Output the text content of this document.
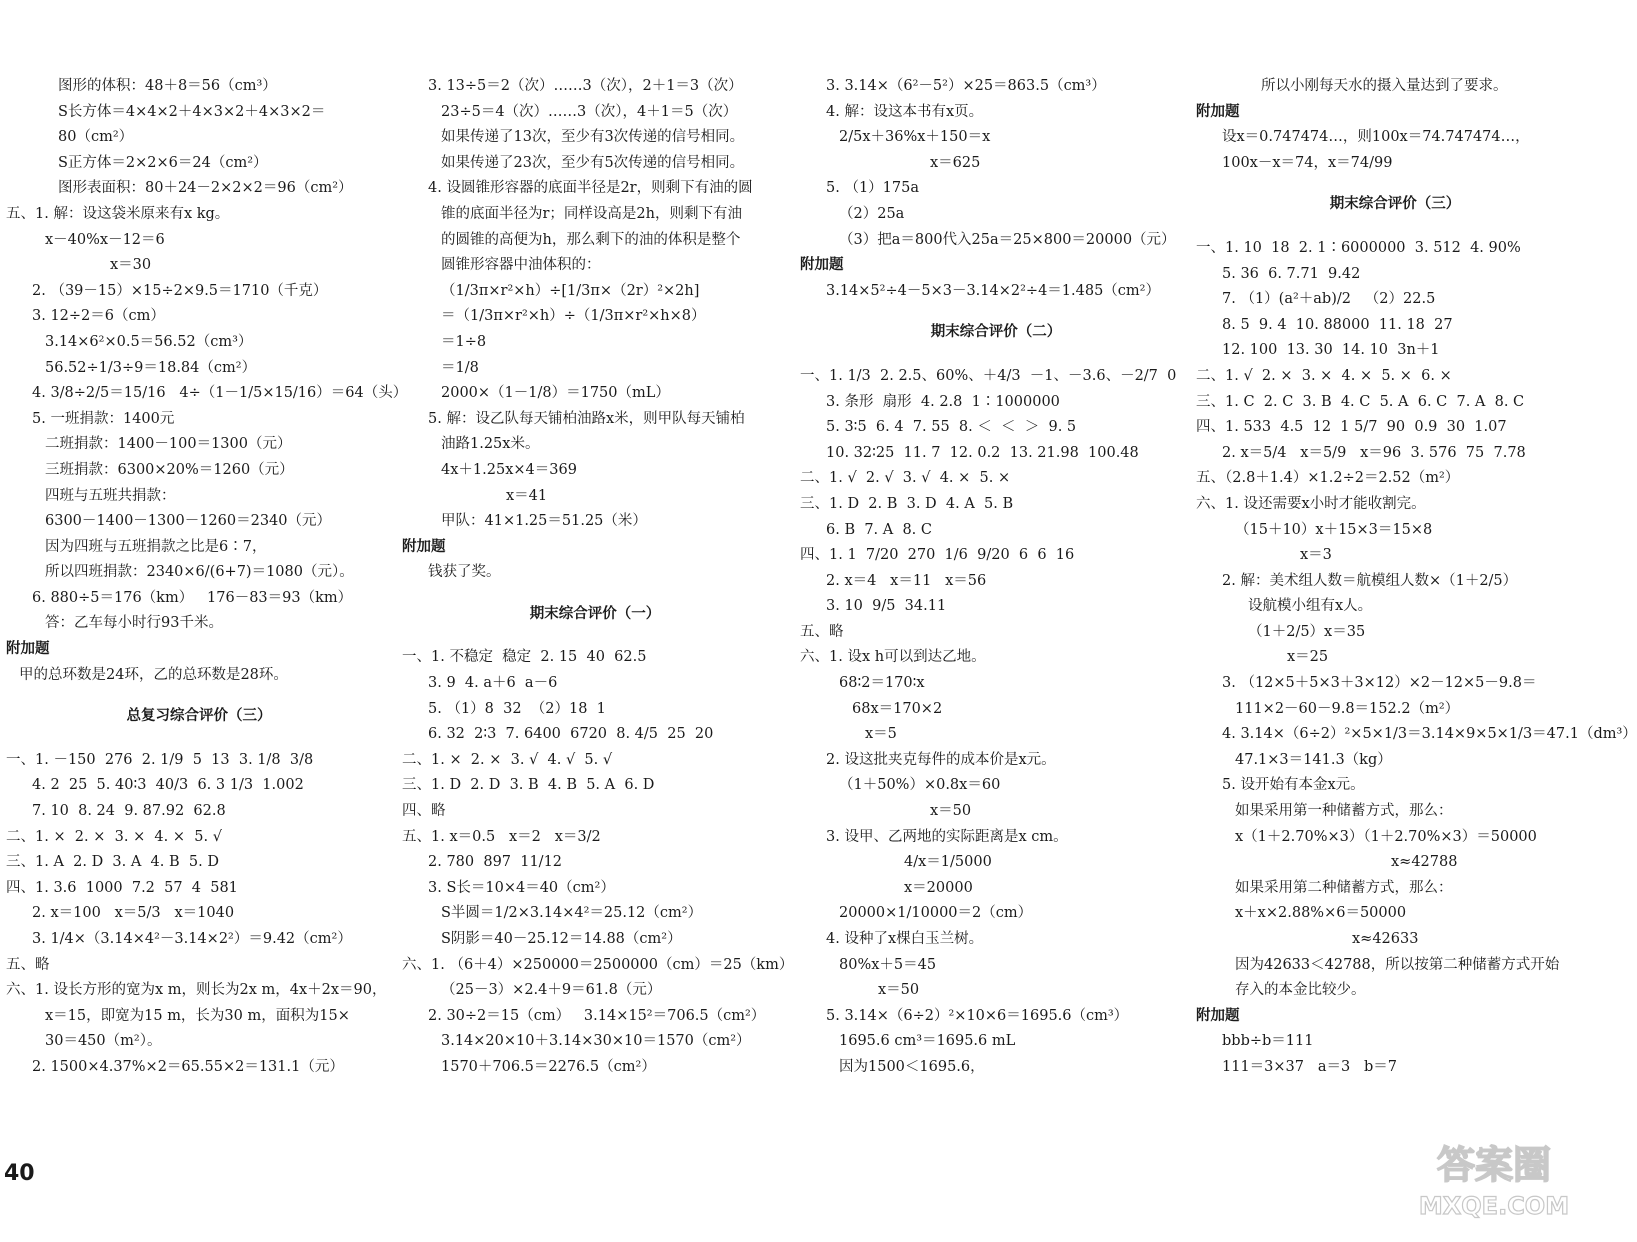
图形的体积：48＋8＝56（cm³）
S长方体＝4×4×2＋4×3×2＋4×3×2＝
80（cm²）
S正方体＝2×2×6＝24（cm²）
图形表面积：80＋24－2×2×2＝96（cm²）
五、1. 解：设这袋米原来有x kg。
x－40%x－12＝6
x＝30
2. （39－15）×15÷2×9.5＝1710（千克）
3. 12÷2＝6（cm）
3.14×6²×0.5＝56.52（cm³）
56.52÷1/3÷9＝18.84（cm²）
4. 3/8÷2/5＝15/16   4÷（1－1/5×15/16）＝64（头）
5. 一班捐款：1400元
二班捐款：1400－100＝1300（元）
三班捐款：6300×20%＝1260（元）
四班与五班共捐款：
6300－1400－1300－1260＝2340（元）
因为四班与五班捐款之比是6∶7，
所以四班捐款：2340×6/(6+7)＝1080（元）。
6. 880÷5＝176（km）   176－83＝93（km）
答：乙车每小时行93千米。
附加题
甲的总环数是24环，乙的总环数是28环。
总复习综合评价（三）
一、1. －150  276  2. 1/9  5  13  3. 1/8  3/8
4. 2  25  5. 40∶3  40/3  6. 3 1/3  1.002
7. 10  8. 24  9. 87.92  62.8
二、1. ×  2. ×  3. ×  4. ×  5. √
三、1. A  2. D  3. A  4. B  5. D
四、1. 3.6  1000  7.2  57  4  581
2. x＝100   x＝5/3   x＝1040
3. 1/4×（3.14×4²－3.14×2²）＝9.42（cm²）
五、略
六、1. 设长方形的宽为x m，则长为2x m，4x＋2x＝90，
x＝15，即宽为15 m，长为30 m，面积为15×
30＝450（m²）。
2. 1500×4.37%×2＝65.55×2＝131.1（元）
3. 13÷5＝2（次）……3（次），2＋1＝3（次）
23÷5＝4（次）……3（次），4＋1＝5（次）
如果传递了13次，至少有3次传递的信号相同。
如果传递了23次，至少有5次传递的信号相同。
4. 设圆锥形容器的底面半径是2r，则剩下有油的圆
锥的底面半径为r；同样设高是2h，则剩下有油
的圆锥的高便为h，那么剩下的油的体积是整个
圆锥形容器中油体积的：
（1/3π×r²×h）÷[1/3π×（2r）²×2h]
＝（1/3π×r²×h）÷（1/3π×r²×h×8）
＝1÷8
＝1/8
2000×（1－1/8）＝1750（mL）
5. 解：设乙队每天铺柏油路x米，则甲队每天铺柏
油路1.25x米。
4x＋1.25x×4＝369
x＝41
甲队：41×1.25＝51.25（米）
附加题
钱获了奖。
期末综合评价（一）
一、1. 不稳定  稳定  2. 15  40  62.5
3. 9  4. a＋6  a－6
5. （1）8  32  （2）18  1
6. 32  2∶3  7. 6400  6720  8. 4/5  25  20
二、1. ×  2. ×  3. √  4. √  5. √
三、1. D  2. D  3. B  4. B  5. A  6. D
四、略
五、1. x＝0.5   x＝2   x＝3/2
2. 780  897  11/12
3. S长＝10×4＝40（cm²）
S半圆＝1/2×3.14×4²＝25.12（cm²）
S阴影＝40－25.12＝14.88（cm²）
六、1. （6＋4）×250000＝2500000（cm）＝25（km）
（25－3）×2.4＋9＝61.8（元）
2. 30÷2＝15（cm）   3.14×15²＝706.5（cm²）
3.14×20×10＋3.14×30×10＝1570（cm²）
1570＋706.5＝2276.5（cm²）
3. 3.14×（6²－5²）×25＝863.5（cm³）
4. 解：设这本书有x页。
2/5x＋36%x＋150＝x
x＝625
5. （1）175a
（2）25a
（3）把a＝800代入25a＝25×800＝20000（元）
附加题
3.14×5²÷4－5×3－3.14×2²÷4＝1.485（cm²）
期末综合评价（二）
一、1. 1/3  2. 2.5、60%、＋4/3  －1、－3.6、－2/7  0
3. 条形  扇形  4. 2.8  1∶1000000
5. 3∶5  6. 4  7. 55  8. ＜  ＜  ＞  9. 5
10. 32∶25  11. 7  12. 0.2  13. 21.98  100.48
二、1. √  2. √  3. √  4. ×  5. ×
三、1. D  2. B  3. D  4. A  5. B
6. B  7. A  8. C
四、1. 1  7/20  270  1/6  9/20  6  6  16
2. x＝4   x＝11   x＝56
3. 10  9/5  34.11
五、略
六、1. 设x h可以到达乙地。
68∶2＝170∶x
68x＝170×2
x＝5
2. 设这批夹克每件的成本价是x元。
（1＋50%）×0.8x＝60
x＝50
3. 设甲、乙两地的实际距离是x cm。
4/x＝1/5000
x＝20000
20000×1/10000＝2（cm）
4. 设种了x棵白玉兰树。
80%x＋5＝45
x＝50
5. 3.14×（6÷2）²×10×6＝1695.6（cm³）
1695.6 cm³＝1695.6 mL
因为1500＜1695.6，
所以小刚每天水的摄入量达到了要求。
附加题
设x＝0.747474…，则100x＝74.747474…，
100x－x＝74，x＝74/99
期末综合评价（三）
一、1. 10  18  2. 1∶6000000  3. 512  4. 90%
5. 36  6. 7.71  9.42
7. （1）(a²＋ab)/2   （2）22.5
8. 5  9. 4  10. 88000  11. 18  27
12. 100  13. 30  14. 10  3n＋1
二、1. √  2. ×  3. ×  4. ×  5. ×  6. ×
三、1. C  2. C  3. B  4. C  5. A  6. C  7. A  8. C
四、1. 533  4.5  12  1 5/7  90  0.9  30  1.07
2. x＝5/4   x＝5/9   x＝96  3. 576  75  7.78
五、（2.8＋1.4）×1.2÷2＝2.52（m²）
六、1. 设还需要x小时才能收割完。
（15＋10）x＋15×3＝15×8
x＝3
2. 解：美术组人数＝航模组人数×（1＋2/5）
设航模小组有x人。
（1＋2/5）x＝35
x＝25
3. （12×5＋5×3＋3×12）×2－12×5－9.8＝
111×2－60－9.8＝152.2（m²）
4. 3.14×（6÷2）²×5×1/3＝3.14×9×5×1/3＝47.1（dm³）
47.1×3＝141.3（kg）
5. 设开始有本金x元。
如果采用第一种储蓄方式，那么：
x（1＋2.70%×3）（1＋2.70%×3）＝50000
x≈42788
如果采用第二种储蓄方式，那么：
x＋x×2.88%×6＝50000
x≈42633
因为42633＜42788，所以按第二种储蓄方式开始
存入的本金比较少。
附加题
bbb÷b＝111
111＝3×37   a＝3   b＝7
40	答案圈
MXQE.COM
